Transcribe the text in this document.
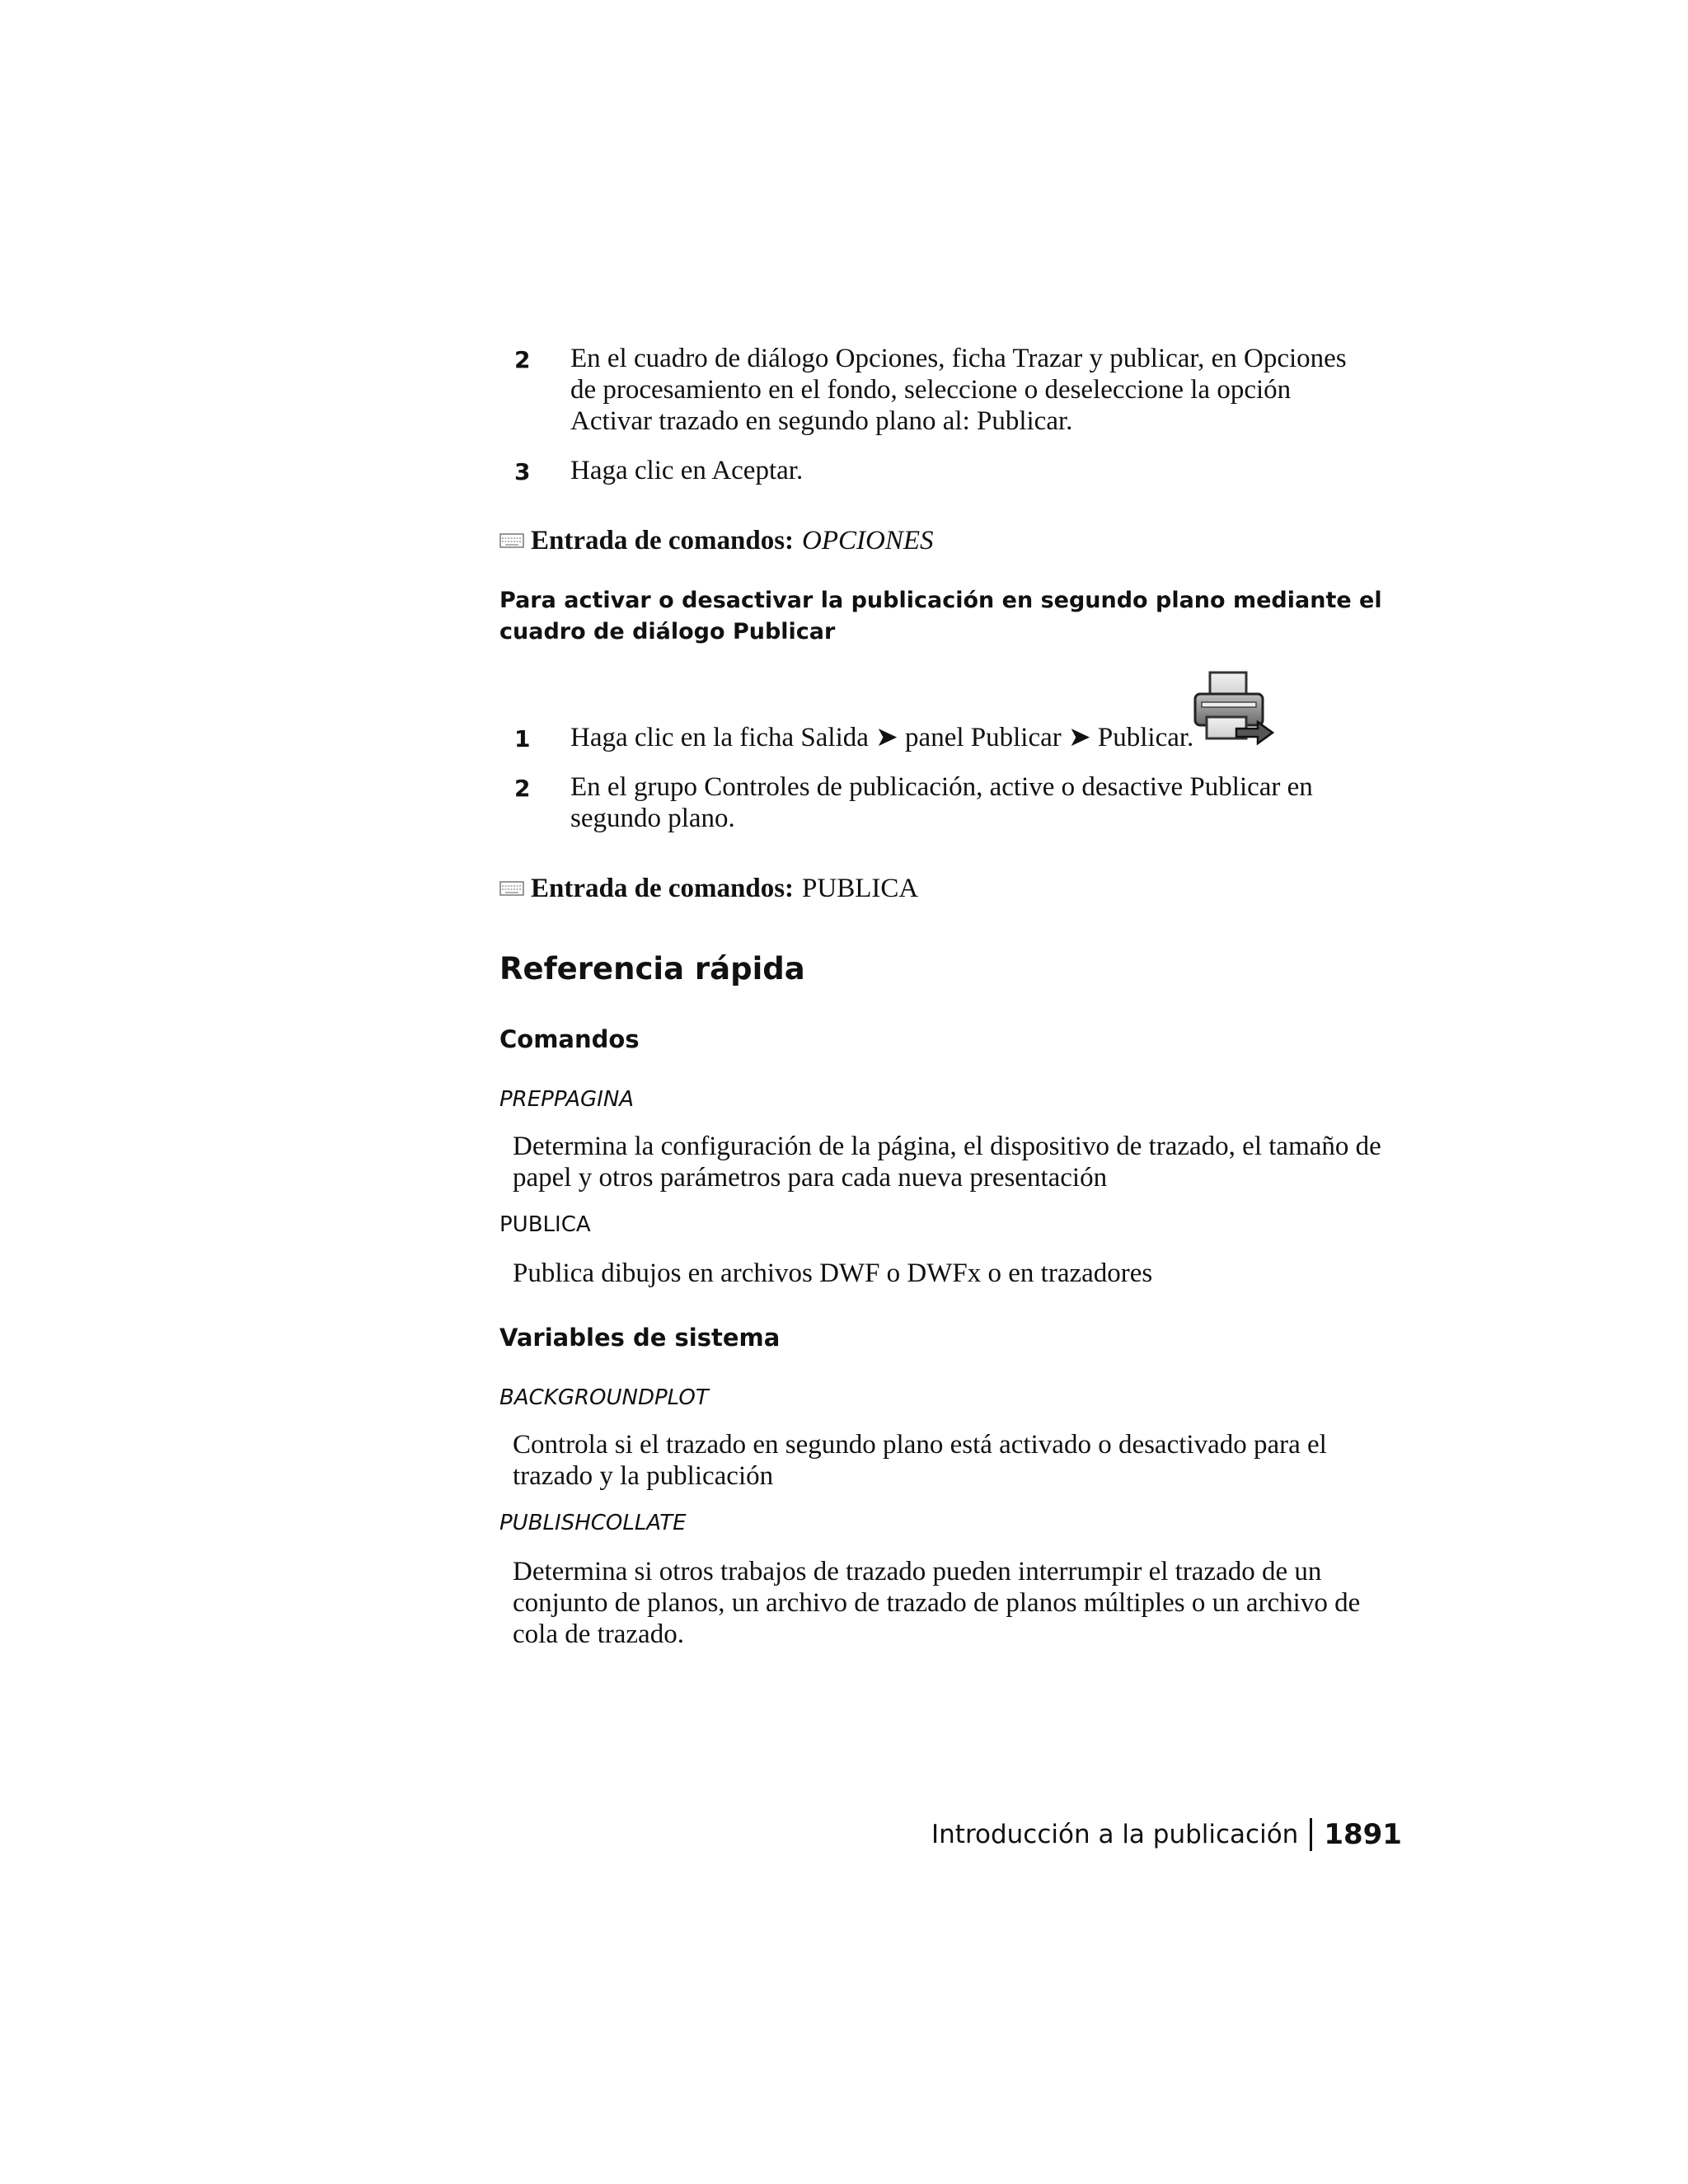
2	En el cuadro de diálogo Opciones, ficha Trazar y publicar, en Opciones de procesamiento en el fondo, seleccione o deseleccione la opción Activar trazado en segundo plano al: Publicar.
3	Haga clic en Aceptar.
Entrada de comandos: OPCIONES
Para activar o desactivar la publicación en segundo plano mediante el cuadro de diálogo Publicar
1	Haga clic en la ficha Salida ➤ panel Publicar ➤ Publicar.
2	En el grupo Controles de publicación, active o desactive Publicar en segundo plano.
Entrada de comandos: PUBLICA
Referencia rápida
Comandos
PREPPAGINA
Determina la configuración de la página, el dispositivo de trazado, el tamaño de papel y otros parámetros para cada nueva presentación
PUBLICA
Publica dibujos en archivos DWF o DWFx o en trazadores
Variables de sistema
BACKGROUNDPLOT
Controla si el trazado en segundo plano está activado o desactivado para el trazado y la publicación
PUBLISHCOLLATE
Determina si otros trabajos de trazado pueden interrumpir el trazado de un conjunto de planos, un archivo de trazado de planos múltiples o un archivo de cola de trazado.
Introducción a la publicación 1891
